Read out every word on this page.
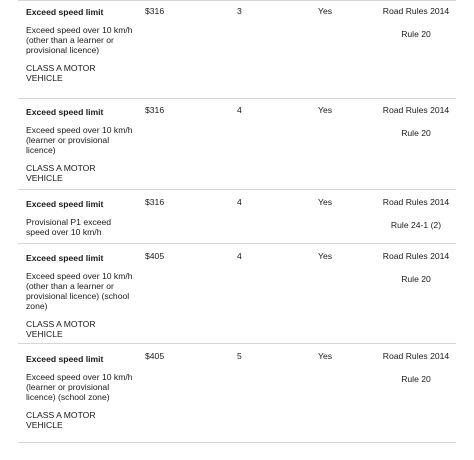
Exceed speed limit
Exceed speed over 10 km/h (other than a learner or provisional licence)
CLASS A MOTOR VEHICLE
$316	3	Yes	Road Rules 2014
Rule 20
Exceed speed limit
Exceed speed over 10 km/h (learner or provisional licence)
CLASS A MOTOR VEHICLE
$316	4	Yes	Road Rules 2014
Rule 20
Exceed speed limit
Provisional P1 exceed speed over 10 km/h
$316	4	Yes	Road Rules 2014
Rule 24-1 (2)
Exceed speed limit
Exceed speed over 10 km/h (other than a learner or provisional licence) (school zone)
CLASS A MOTOR VEHICLE
$405	4	Yes	Road Rules 2014
Rule 20
Exceed speed limit
Exceed speed over 10 km/h (learner or provisional licence) (school zone)
CLASS A MOTOR VEHICLE
$405	5	Yes	Road Rules 2014
Rule 20
